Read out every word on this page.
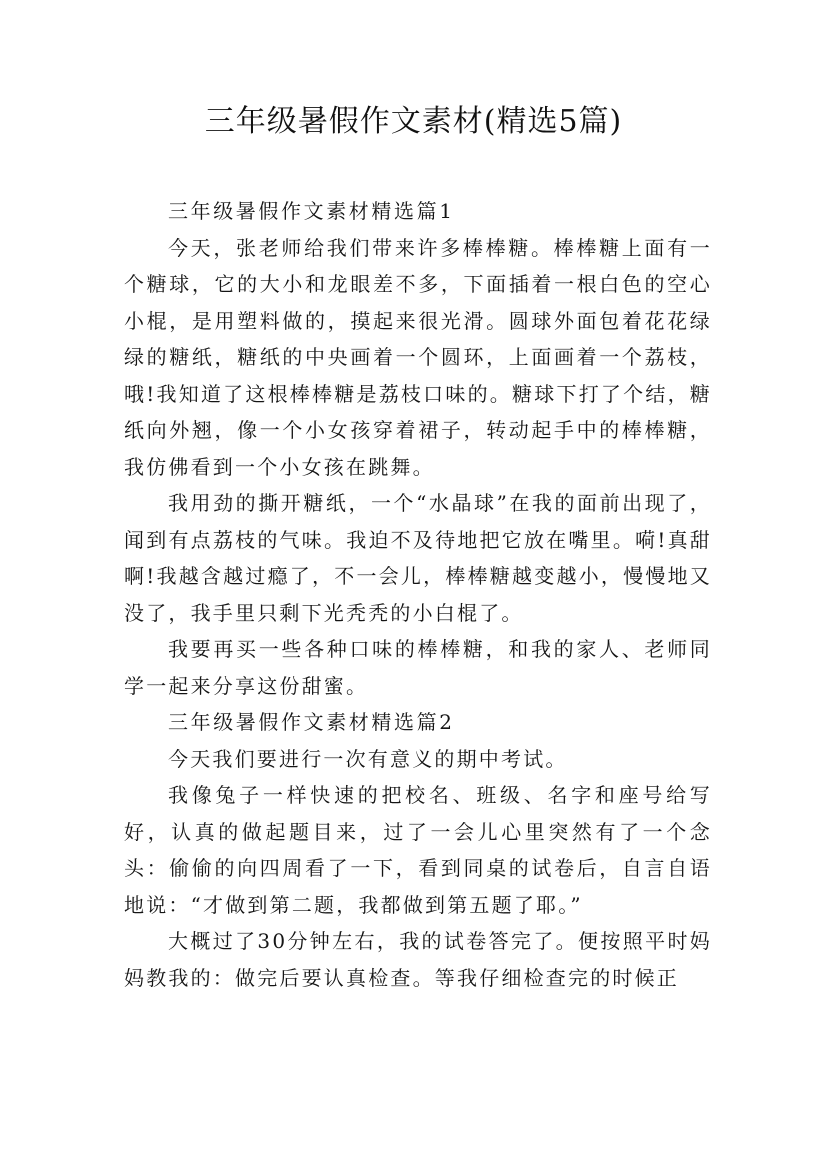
三年级暑假作文素材(精选5篇)

三年级暑假作文素材精选篇1

今天，张老师给我们带来许多棒棒糖。棒棒糖上面有一个糖球，它的大小和龙眼差不多，下面插着一根白色的空心小棍，是用塑料做的，摸起来很光滑。圆球外面包着花花绿绿的糖纸，糖纸的中央画着一个圆环，上面画着一个荔枝，哦!我知道了这根棒棒糖是荔枝口味的。糖球下打了个结，糖纸向外翘，像一个小女孩穿着裙子，转动起手中的棒棒糖，我仿佛看到一个小女孩在跳舞。

我用劲的撕开糖纸，一个“水晶球”在我的面前出现了，闻到有点荔枝的气味。我迫不及待地把它放在嘴里。嗬!真甜啊!我越含越过瘾了，不一会儿，棒棒糖越变越小，慢慢地又没了，我手里只剩下光秃秃的小白棍了。

我要再买一些各种口味的棒棒糖，和我的家人、老师同学一起来分享这份甜蜜。

三年级暑假作文素材精选篇2

今天我们要进行一次有意义的期中考试。

我像兔子一样快速的把校名、班级、名字和座号给写好，认真的做起题目来，过了一会儿心里突然有了一个念头：偷偷的向四周看了一下，看到同桌的试卷后，自言自语地说：“才做到第二题，我都做到第五题了耶。”

大概过了30分钟左右，我的试卷答完了。便按照平时妈妈教我的：做完后要认真检查。等我仔细检查完的时候正
